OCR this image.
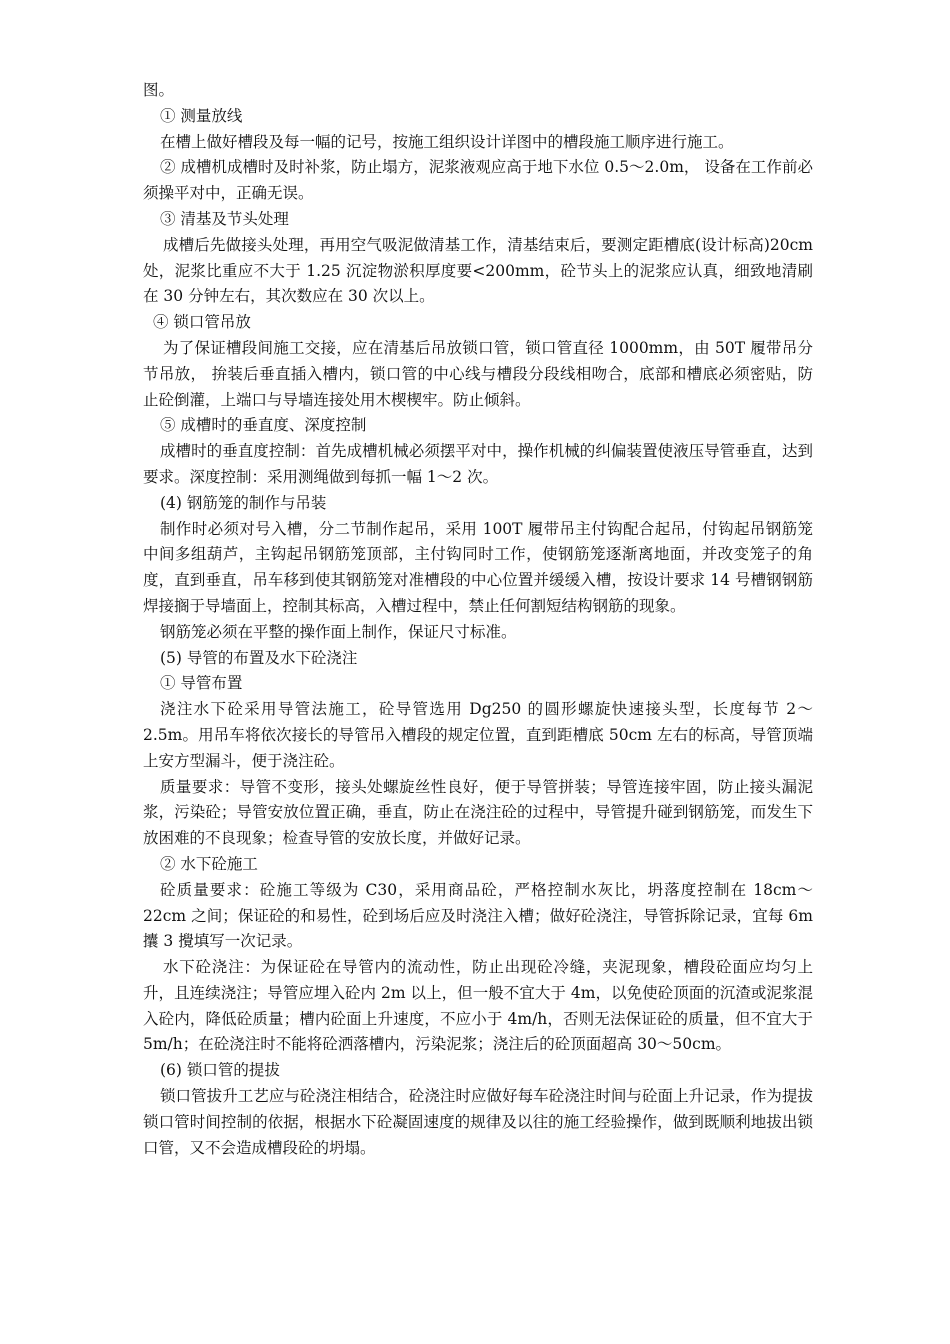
图。

① 测量放线

在槽上做好槽段及每一幅的记号，按施工组织设计详图中的槽段施工顺序进行施工。

② 成槽机成槽时及时补浆，防止塌方，泥浆液观应高于地下水位 0.5～2.0m， 设备在工作前必须操平对中，正确无误。

③ 清基及节头处理

成槽后先做接头处理，再用空气吸泥做清基工作，清基结束后，要测定距槽底(设计标高)20cm 处，泥浆比重应不大于 1.25 沉淀物淤积厚度要<200mm，砼节头上的泥浆应认真，细致地清刷在 30 分钟左右，其次数应在 30 次以上。

④ 锁口管吊放

为了保证槽段间施工交接，应在清基后吊放锁口管，锁口管直径 1000mm，由 50T 履带吊分节吊放， 拚装后垂直插入槽内，锁口管的中心线与槽段分段线相吻合，底部和槽底必须密贴，防止砼倒灌，上端口与导墙连接处用木楔楔牢。防止倾斜。

⑤ 成槽时的垂直度、深度控制

成槽时的垂直度控制：首先成槽机械必须摆平对中，操作机械的纠偏装置使液压导管垂直，达到要求。深度控制：采用测绳做到每抓一幅 1～2 次。

(4) 钢筋笼的制作与吊装

制作时必须对号入槽，分二节制作起吊，采用 100T 履带吊主付钩配合起吊，付钩起吊钢筋笼中间多组葫芦，主钩起吊钢筋笼顶部，主付钩同时工作，使钢筋笼逐渐离地面，并改变笼子的角度，直到垂直，吊车移到使其钢筋笼对准槽段的中心位置并缓缓入槽，按设计要求 14 号槽钢钢筋焊接搁于导墙面上，控制其标高，入槽过程中，禁止任何割短结构钢筋的现象。

钢筋笼必须在平整的操作面上制作，保证尺寸标准。

(5) 导管的布置及水下砼浇注

① 导管布置

浇注水下砼采用导管法施工，砼导管选用 Dg250 的圆形螺旋快速接头型，长度每节 2～2.5m。用吊车将依次接长的导管吊入槽段的规定位置，直到距槽底 50cm 左右的标高，导管顶端上安方型漏斗，便于浇注砼。

质量要求：导管不变形，接头处螺旋丝性良好，便于导管拼装；导管连接牢固，防止接头漏泥浆，污染砼；导管安放位置正确，垂直，防止在浇注砼的过程中，导管提升碰到钢筋笼，而发生下放困难的不良现象；检查导管的安放长度，并做好记录。

② 水下砼施工

砼质量要求：砼施工等级为 C30，采用商品砼，严格控制水灰比，坍落度控制在 18cm～22cm 之间；保证砼的和易性，砼到场后应及时浇注入槽；做好砼浇注，导管拆除记录，宜每 6m 攮 3 攪填写一次记录。

水下砼浇注：为保证砼在导管内的流动性，防止出现砼冷缝，夹泥现象，槽段砼面应均匀上升，且连续浇注；导管应埋入砼内 2m 以上，但一般不宜大于 4m，以免使砼顶面的沉渣或泥浆混入砼内，降低砼质量；槽内砼面上升速度，不应小于 4m/h，否则无法保证砼的质量，但不宜大于 5m/h；在砼浇注时不能将砼洒落槽内，污染泥浆；浇注后的砼顶面超高 30～50cm。

(6) 锁口管的提拔

锁口管拔升工艺应与砼浇注相结合，砼浇注时应做好每车砼浇注时间与砼面上升记录，作为提拔锁口管时间控制的依据，根据水下砼凝固速度的规律及以往的施工经验操作，做到既顺利地拔出锁口管，又不会造成槽段砼的坍塌。
